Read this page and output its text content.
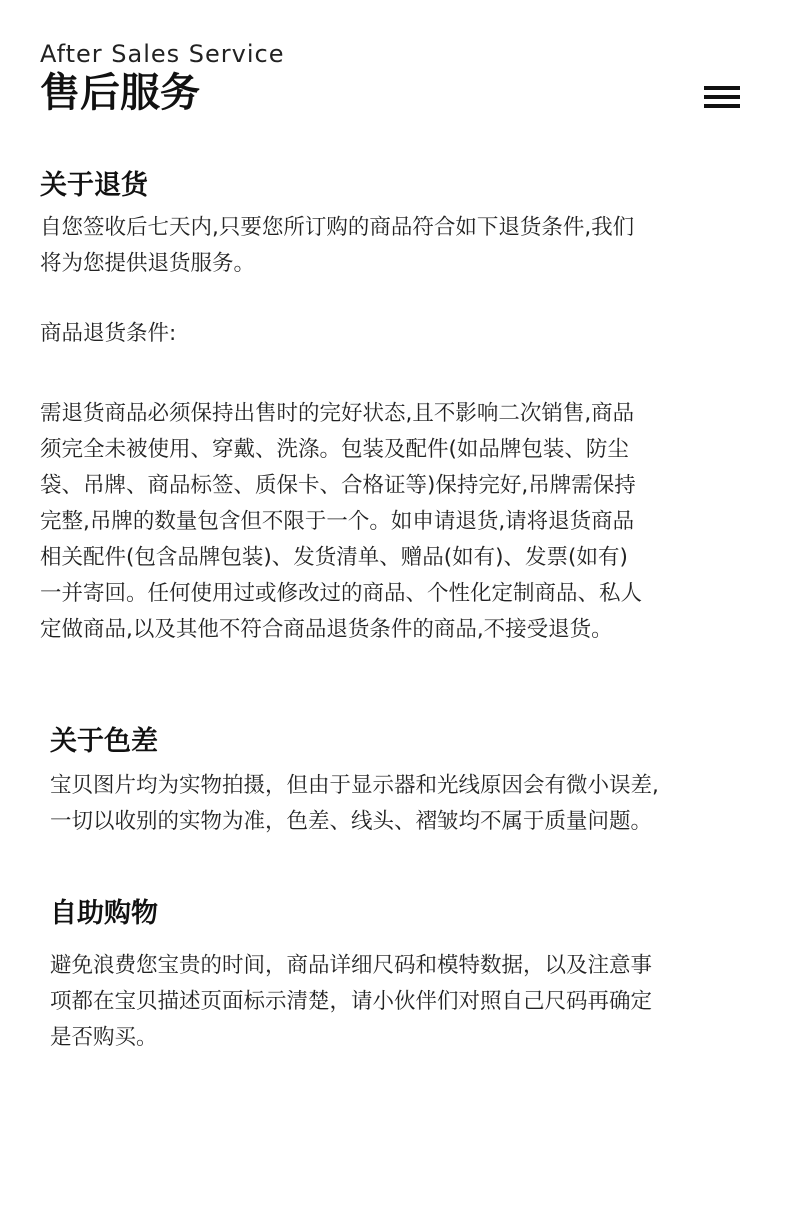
After Sales Service
售后服务
关于退货

自您签收后七天内,只要您所订购的商品符合如下退货条件,我们
将为您提供退货服务。

商品退货条件:

需退货商品必须保持出售时的完好状态,且不影响二次销售,商品
须完全未被使用、穿戴、洗涤。包装及配件(如品牌包装、防尘
袋、吊牌、商品标签、质保卡、合格证等)保持完好,吊牌需保持
完整,吊牌的数量包含但不限于一个。如申请退货,请将退货商品
相关配件(包含品牌包装)、发货清单、赠品(如有)、发票(如有)
一并寄回。任何使用过或修改过的商品、个性化定制商品、私人
定做商品,以及其他不符合商品退货条件的商品,不接受退货。

关于色差

宝贝图片均为实物拍摄，但由于显示器和光线原因会有微小误差,
一切以收别的实物为准，色差、线头、褶皱均不属于质量问题。

自助购物

避免浪费您宝贵的时间，商品详细尺码和模特数据，以及注意事
项都在宝贝描述页面标示清楚，请小伙伴们对照自己尺码再确定
是否购买。
